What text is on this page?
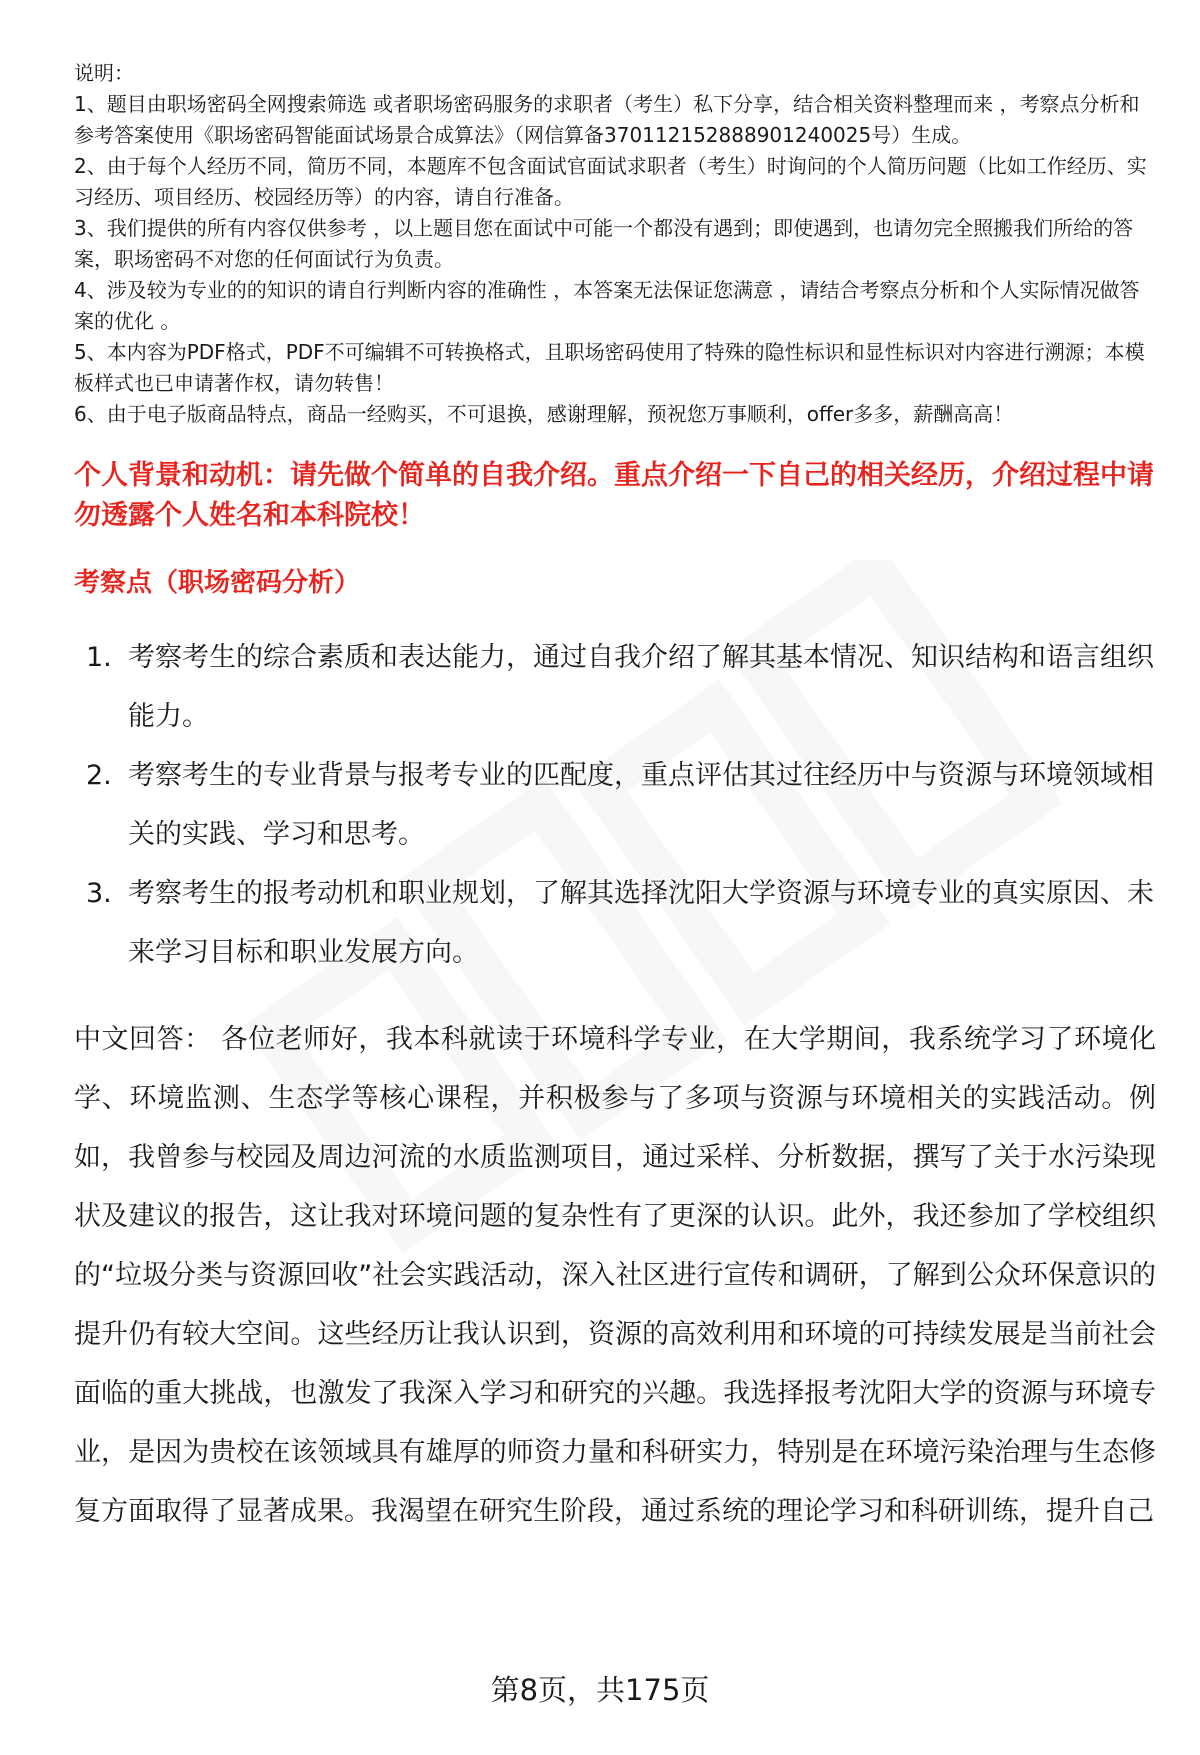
说明：

1、题目由职场密码全网搜索筛选 或者职场密码服务的求职者（考生）私下分享，结合相关资料整理而来 ，考察点分析和参考答案使用《职场密码智能面试场景合成算法》（网信算备370112152888901240025号）生成。

2、由于每个人经历不同，简历不同，本题库不包含面试官面试求职者（考生）时询问的个人简历问题（比如工作经历、实习经历、项目经历、校园经历等）的内容，请自行准备。

3、我们提供的所有内容仅供参考 ，以上题目您在面试中可能一个都没有遇到；即使遇到，也请勿完全照搬我们所给的答案，职场密码不对您的任何面试行为负责。

4、涉及较为专业的的知识的请自行判断内容的准确性 ，本答案无法保证您满意 ，请结合考察点分析和个人实际情况做答案的优化 。

5、本内容为PDF格式，PDF不可编辑不可转换格式，且职场密码使用了特殊的隐性标识和显性标识对内容进行溯源；本模板样式也已申请著作权，请勿转售！

6、由于电子版商品特点，商品一经购买，不可退换，感谢理解，预祝您万事顺利，offer多多，薪酬高高！

个人背景和动机：请先做个简单的自我介绍。重点介绍一下自己的相关经历，介绍过程中请勿透露个人姓名和本科院校！
考察点（职场密码分析）
1. 考察考生的综合素质和表达能力，通过自我介绍了解其基本情况、知识结构和语言组织能力。
2. 考察考生的专业背景与报考专业的匹配度，重点评估其过往经历中与资源与环境领域相关的实践、学习和思考。
3. 考察考生的报考动机和职业规划，了解其选择沈阳大学资源与环境专业的真实原因、未来学习目标和职业发展方向。
中文回答： 各位老师好，我本科就读于环境科学专业，在大学期间，我系统学习了环境化学、环境监测、生态学等核心课程，并积极参与了多项与资源与环境相关的实践活动。例如，我曾参与校园及周边河流的水质监测项目，通过采样、分析数据，撰写了关于水污染现状及建议的报告，这让我对环境问题的复杂性有了更深的认识。此外，我还参加了学校组织的“垃圾分类与资源回收”社会实践活动，深入社区进行宣传和调研，了解到公众环保意识的提升仍有较大空间。这些经历让我认识到，资源的高效利用和环境的可持续发展是当前社会面临的重大挑战，也激发了我深入学习和研究的兴趣。我选择报考沈阳大学的资源与环境专业，是因为贵校在该领域具有雄厚的师资力量和科研实力，特别是在环境污染治理与生态修复方面取得了显著成果。我渴望在研究生阶段，通过系统的理论学习和科研训练，提升自己
第8页，共175页
